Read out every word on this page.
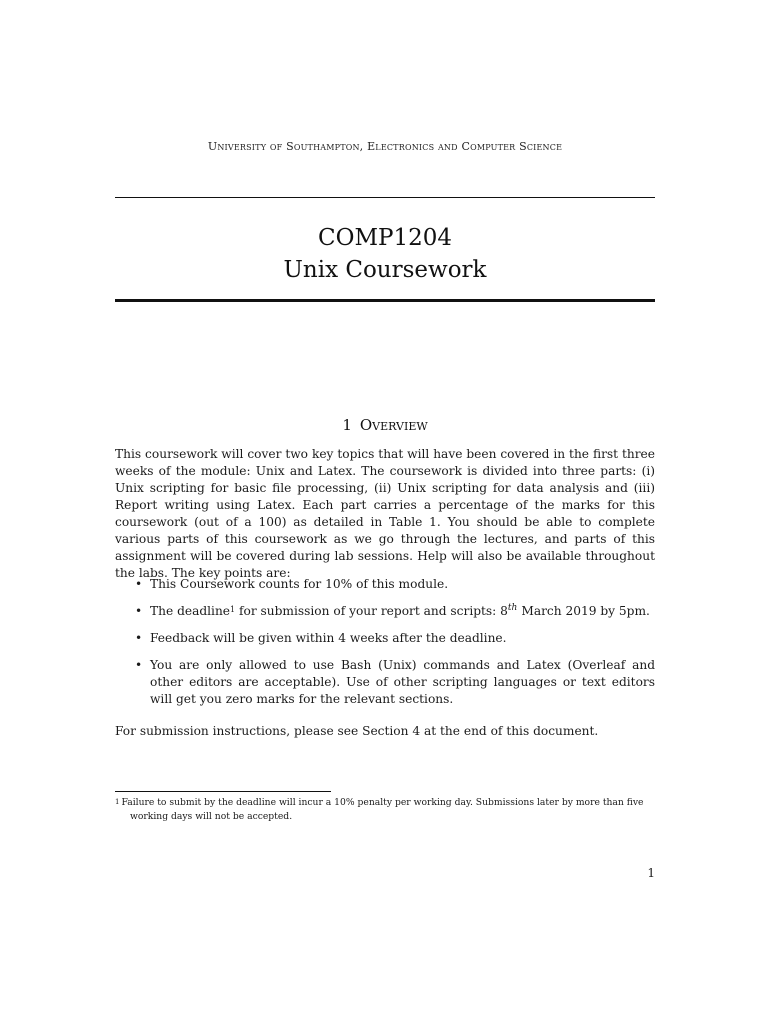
University of Southampton, Electronics and Computer Science
COMP1204
Unix Coursework
1 Overview
This coursework will cover two key topics that will have been covered in the first three weeks of the module: Unix and Latex. The coursework is divided into three parts: (i) Unix scripting for basic file processing, (ii) Unix scripting for data analysis and (iii) Report writing using Latex. Each part carries a percentage of the marks for this coursework (out of a 100) as detailed in Table 1. You should be able to complete various parts of this coursework as we go through the lectures, and parts of this assignment will be covered during lab sessions. Help will also be available throughout the labs. The key points are:
• This Coursework counts for 10% of this module.
• The deadline$^1$ for submission of your report and scripts: 8th March 2019 by 5pm.
• Feedback will be given within 4 weeks after the deadline.
• You are only allowed to use Bash (Unix) commands and Latex (Overleaf and other editors are acceptable). Use of other scripting languages or text editors will get you zero marks for the relevant sections.
For submission instructions, please see Section 4 at the end of this document.
$^1$ Failure to submit by the deadline will incur a 10% penalty per working day. Submissions later by more than five
working days will not be accepted.
1
